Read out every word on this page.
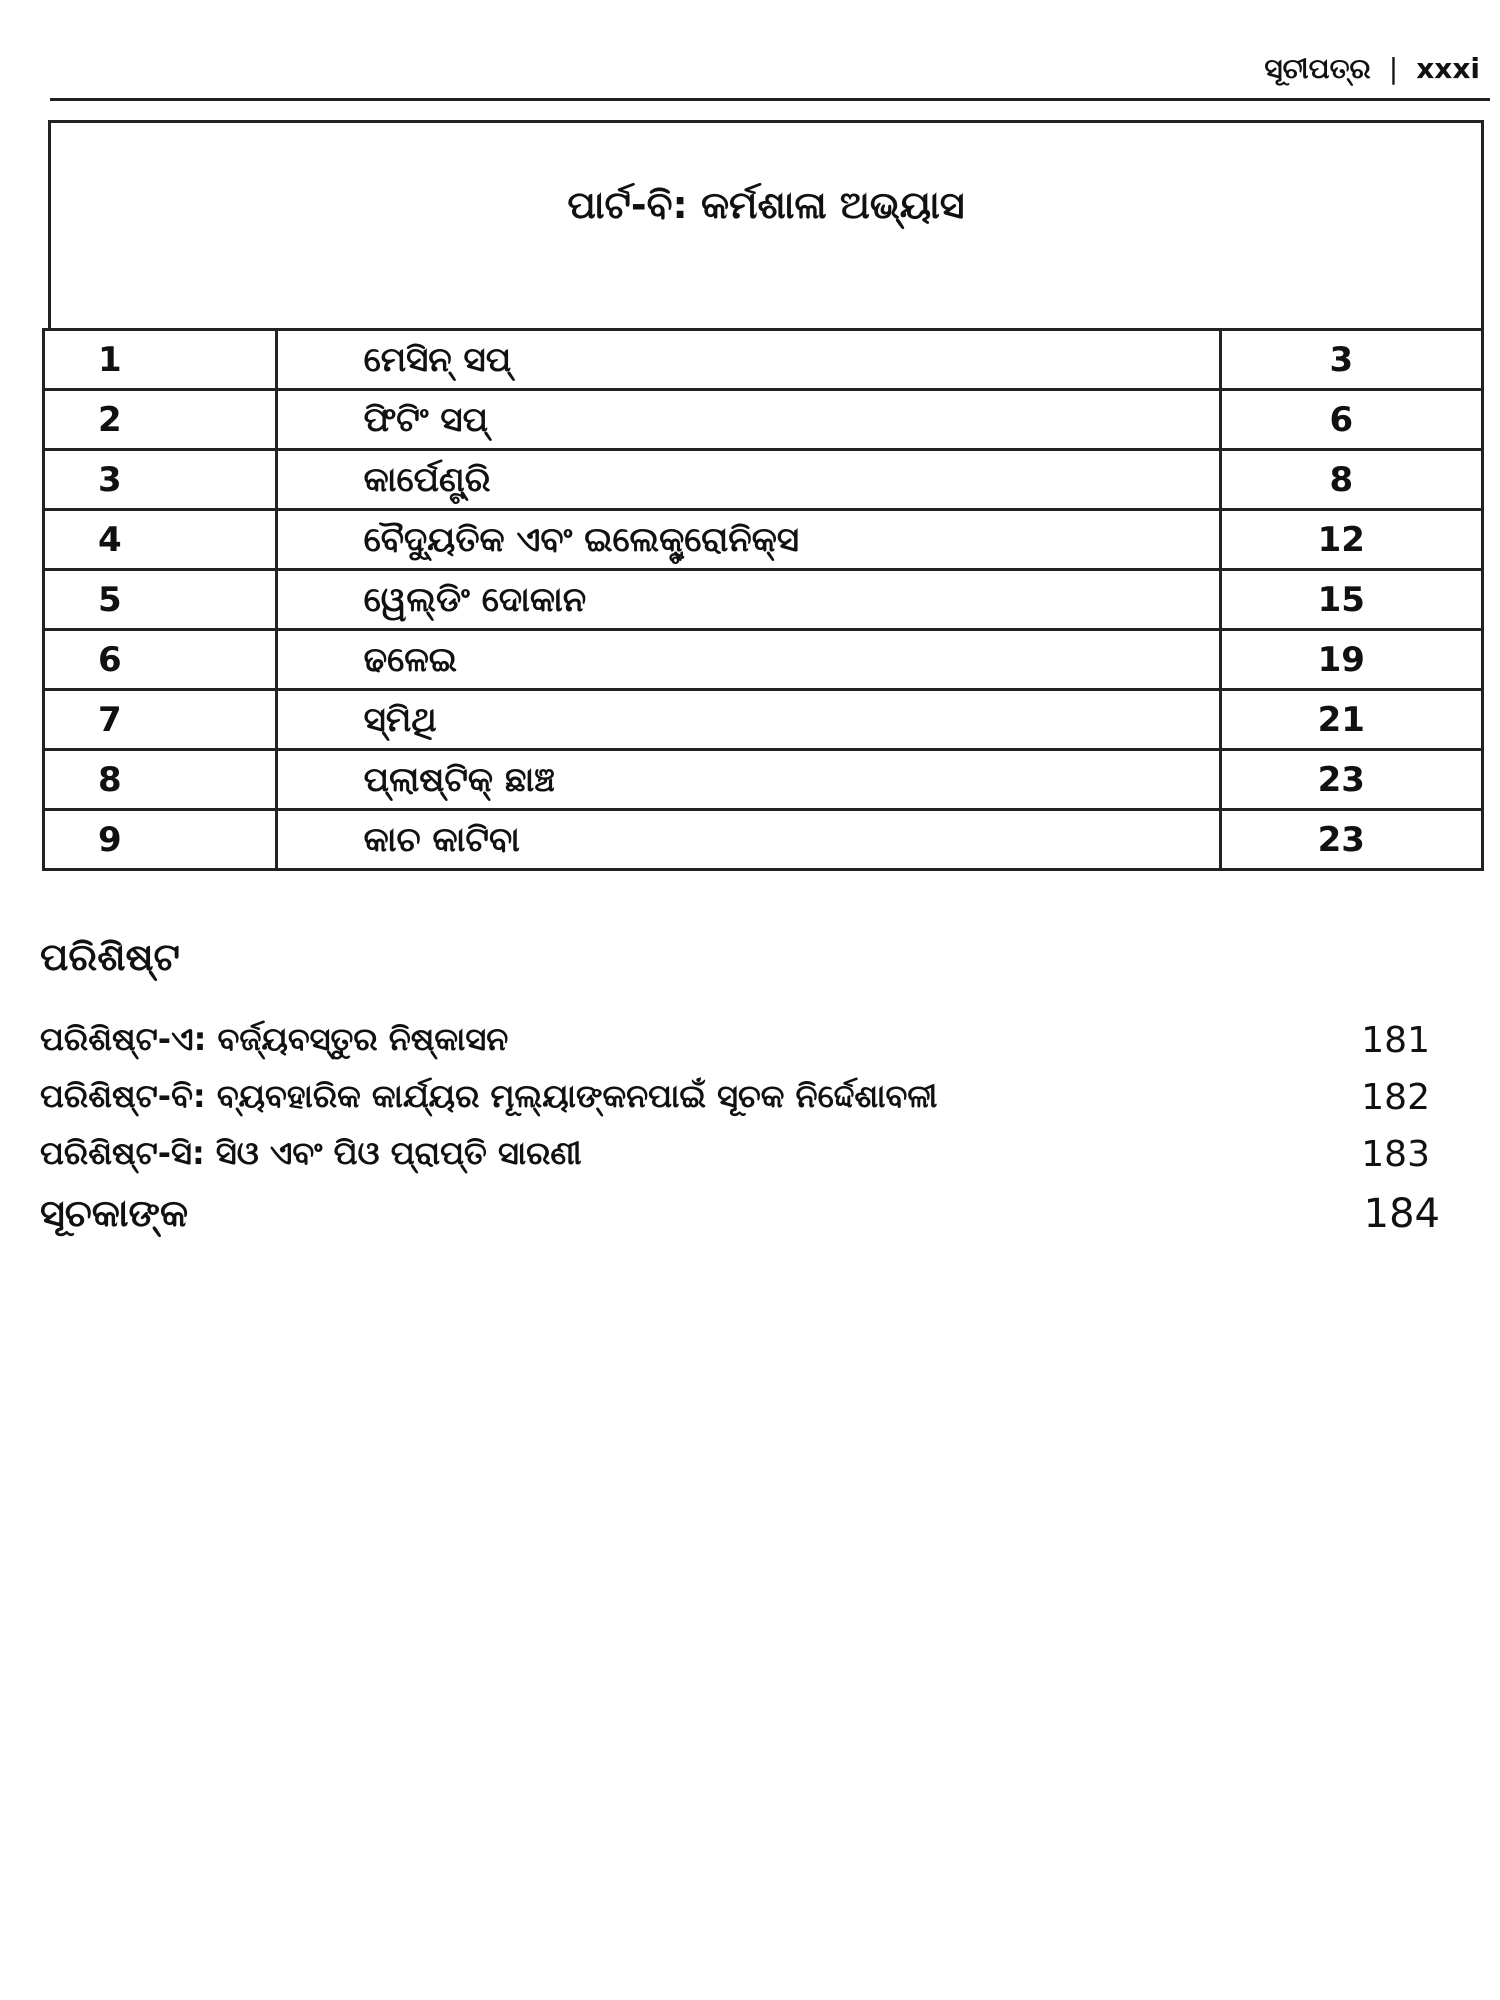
ସୂଚୀପତ୍ର | xxxi
ପାର୍ଟ-ବି: କର୍ମଶାଳା ଅଭ୍ୟାସ
1	ମେସିନ୍ ସପ୍	3
2	ଫିଟିଂ ସପ୍	6
3	କାର୍ପେଣ୍ଟ୍ରି	8
4	ବୈଦ୍ୟୁତିକ ଏବଂ ଇଲେକ୍ଟ୍ରୋନିକ୍ସ	12
5	ୱେଲ୍ଡିଂ ଦୋକାନ	15
6	ଢଳେଇ	19
7	ସ୍ମିଥି	21
8	ପ୍ଲାଷ୍ଟିକ୍ ଛାଞ୍ଚ	23
9	କାଚ କାଟିବା	23
ପରିଶିଷ୍ଟ
ପରିଶିଷ୍ଟ-ଏ: ବର୍ଜ୍ୟବସ୍ତୁର ନିଷ୍କାସନ	181
ପରିଶିଷ୍ଟ-ବି: ବ୍ୟବହାରିକ କାର୍ଯ୍ୟର ମୂଲ୍ୟାଙ୍କନପାଇଁ ସୂଚକ ନିର୍ଦ୍ଦେଶାବଳୀ	182
ପରିଶିଷ୍ଟ-ସି: ସିଓ ଏବଂ ପିଓ ପ୍ରାପ୍ତି ସାରଣୀ	183
ସୂଚକାଙ୍କ	184
